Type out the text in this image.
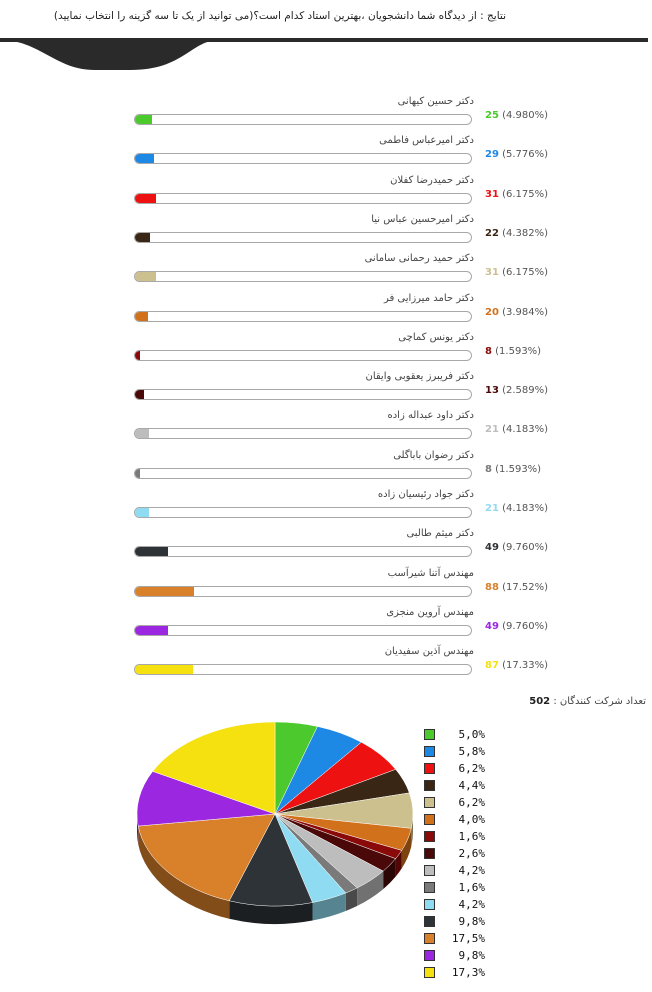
نتایج : از دیدگاه شما دانشجویان ،بهترین استاد کدام است؟(می توانید از یک تا سه گزینه را انتخاب نمایید)
دکتر حسین کیهانی
25 (4.980%)
دکتر امیرعباس فاطمی
29 (5.776%)
دکتر حمیدرضا کفلان
31 (6.175%)
دکتر امیرحسین عباس نیا
22 (4.382%)
دکتر حمید رحمانی سامانی
31 (6.175%)
دکتر حامد میرزایی فر
20 (3.984%)
دکتر یونس کماچی
8 (1.593%)
دکتر فریبرز یعقوبی وایقان
13 (2.589%)
دکتر داود عبداله زاده
21 (4.183%)
دکتر رضوان باباگلی
8 (1.593%)
دکتر جواد رئیسیان زاده
21 (4.183%)
دکتر میثم طالبی
49 (9.760%)
مهندس آتنا شیرآسب
88 (17.52%)
مهندس آروین منجزی
49 (9.760%)
مهندس آذین سفیدیان
87 (17.33%)
تعداد شرکت کنندگان : 502
5,0%
5,8%
6,2%
4,4%
6,2%
4,0%
1,6%
2,6%
4,2%
1,6%
4,2%
9,8%
17,5%
9,8%
17,3%
